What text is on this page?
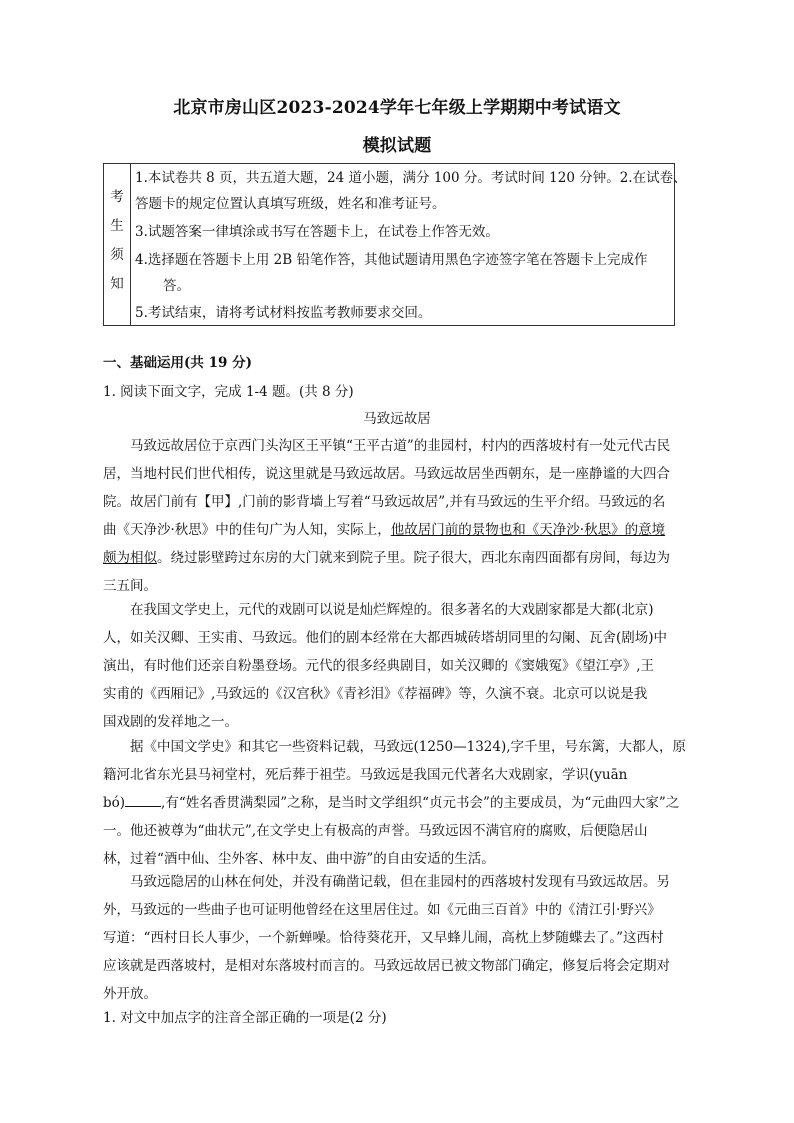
北京市房山区2023-2024学年七年级上学期期中考试语文
模拟试题
考
生
须
知
1.本试卷共 8 页，共五道大题，24 道小题，满分 100 分。考试时间 120 分钟。2.在试卷、
答题卡的规定位置认真填写班级，姓名和准考证号。
3.试题答案一律填涂或书写在答题卡上，在试卷上作答无效。
4.选择题在答题卡上用 2B 铅笔作答，其他试题请用黑色字迹签字笔在答题卡上完成作
答。
5.考试结束，请将考试材料按监考教师要求交回。
一、基础运用(共 19 分)
1. 阅读下面文字，完成 1-4 题。(共 8 分)
马致远故居
马致远故居位于京西门头沟区王平镇“王平古道”的韭园村，村内的西落坡村有一处元代古民
居，当地村民们世代相传，说这里就是马致远故居。马致远故居坐西朝东，是一座静谧的大四合
院。故居门前有【甲】,门前的影背墙上写着“马致远故居”,并有马致远的生平介绍。马致远的名
曲《天净沙·秋思》中的佳句广为人知，实际上，他故居门前的景物也和《天净沙·秋思》的意境
颇为相似。绕过影壁跨过东房的大门就来到院子里。院子很大，西北东南四面都有房间，每边为
三五间。
在我国文学史上，元代的戏剧可以说是灿烂辉煌的。很多著名的大戏剧家都是大都(北京)
人，如关汉卿、王实甫、马致远。他们的剧本经常在大都西城砖塔胡同里的勾阑、瓦舍(剧场)中
演出，有时他们还亲自粉墨登场。元代的很多经典剧目，如关汉卿的《窦娥冤》《望江亭》,王
实甫的《西厢记》,马致远的《汉宫秋》《青衫泪》《荐福碑》等，久演不衰。北京可以说是我
国戏剧的发祥地之一。
据《中国文学史》和其它一些资料记载，马致远(1250—1324),字千里，号东篱，大都人，原
籍河北省东光县马祠堂村，死后葬于祖茔。马致远是我国元代著名大戏剧家，学识(yuān
bó)	,有“姓名香贯满梨园”之称，是当时文学组织“贞元书会”的主要成员，为“元曲四大家”之
一。他还被尊为“曲状元”,在文学史上有极高的声誉。马致远因不满官府的腐败，后便隐居山
林，过着“酒中仙、尘外客、林中友、曲中游”的自由安适的生活。
马致远隐居的山林在何处，并没有确凿记载，但在韭园村的西落坡村发现有马致远故居。另
外，马致远的一些曲子也可证明他曾经在这里居住过。如《元曲三百首》中的《清江引·野兴》
写道：“西村日长人事少，一个新蝉噪。恰待葵花开，又早蜂儿闹，高枕上梦随蝶去了。”这西村
应该就是西落坡村，是相对东落坡村而言的。马致远故居已被文物部门确定，修复后将会定期对
外开放。
1. 对文中加点字的注音全部正确的一项是(2 分)
